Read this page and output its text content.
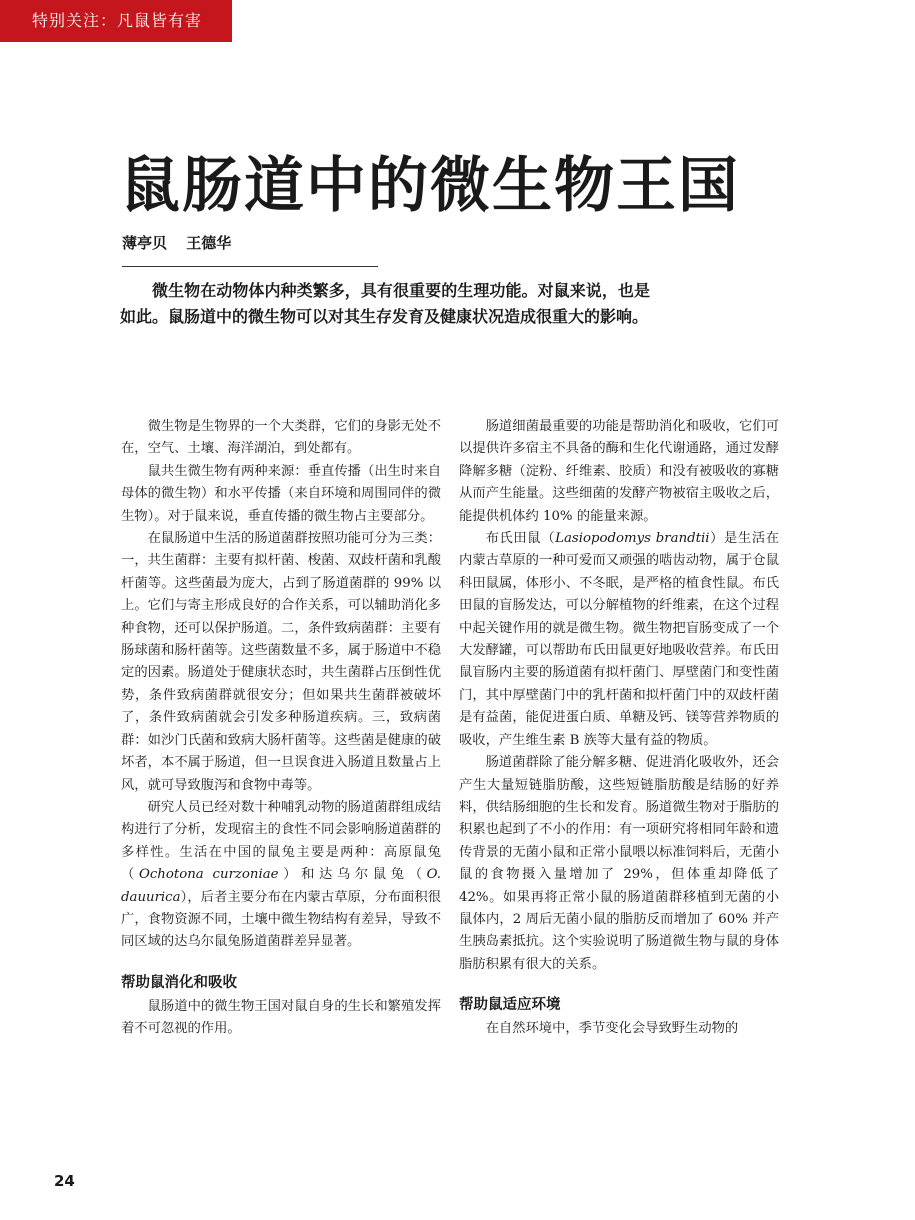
特别关注：凡鼠皆有害吗？
鼠肠道中的微生物王国
薄亭贝 王德华

微生物在动物体内种类繁多，具有很重要的生理功能。对鼠来说，也是如此。鼠肠道中的微生物可以对其生存发育及健康状况造成很重大的影响。

微生物是生物界的一个大类群，它们的身影无处不在，空气、土壤、海洋湖泊，到处都有。

鼠共生微生物有两种来源：垂直传播（出生时来自母体的微生物）和水平传播（来自环境和周围同伴的微生物）。对于鼠来说，垂直传播的微生物占主要部分。

在鼠肠道中生活的肠道菌群按照功能可分为三类：一，共生菌群：主要有拟杆菌、梭菌、双歧杆菌和乳酸杆菌等。这些菌最为庞大，占到了肠道菌群的 99% 以上。它们与寄主形成良好的合作关系，可以辅助消化多种食物，还可以保护肠道。二，条件致病菌群：主要有肠球菌和肠杆菌等。这些菌数量不多，属于肠道中不稳定的因素。肠道处于健康状态时，共生菌群占压倒性优势，条件致病菌群就很安分；但如果共生菌群被破坏了，条件致病菌就会引发多种肠道疾病。三，致病菌群：如沙门氏菌和致病大肠杆菌等。这些菌是健康的破坏者，本不属于肠道，但一旦误食进入肠道且数量占上风，就可导致腹泻和食物中毒等。

研究人员已经对数十种哺乳动物的肠道菌群组成结构进行了分析，发现宿主的食性不同会影响肠道菌群的多样性。生活在中国的鼠兔主要是两种：高原鼠兔（Ochotona curzoniae）和达乌尔鼠兔（O. dauurica），后者主要分布在内蒙古草原，分布面积很广，食物资源不同，土壤中微生物结构有差异，导致不同区域的达乌尔鼠兔肠道菌群差异显著。

帮助鼠消化和吸收

鼠肠道中的微生物王国对鼠自身的生长和繁殖发挥着不可忽视的作用。

肠道细菌最重要的功能是帮助消化和吸收，它们可以提供许多宿主不具备的酶和生化代谢通路，通过发酵降解多糖（淀粉、纤维素、胶质）和没有被吸收的寡糖从而产生能量。这些细菌的发酵产物被宿主吸收之后，能提供机体约 10% 的能量来源。

布氏田鼠（Lasiopodomys brandtii）是生活在内蒙古草原的一种可爱而又顽强的啮齿动物，属于仓鼠科田鼠属，体形小、不冬眠，是严格的植食性鼠。布氏田鼠的盲肠发达，可以分解植物的纤维素，在这个过程中起关键作用的就是微生物。微生物把盲肠变成了一个大发酵罐，可以帮助布氏田鼠更好地吸收营养。布氏田鼠盲肠内主要的肠道菌有拟杆菌门、厚壁菌门和变性菌门，其中厚壁菌门中的乳杆菌和拟杆菌门中的双歧杆菌是有益菌，能促进蛋白质、单糖及钙、镁等营养物质的吸收，产生维生素 B 族等大量有益的物质。

肠道菌群除了能分解多糖、促进消化吸收外，还会产生大量短链脂肪酸，这些短链脂肪酸是结肠的好养料，供结肠细胞的生长和发育。肠道微生物对于脂肪的积累也起到了不小的作用：有一项研究将相同年龄和遗传背景的无菌小鼠和正常小鼠喂以标准饲料后，无菌小鼠的食物摄入量增加了 29%，但体重却降低了 42%。如果再将正常小鼠的肠道菌群移植到无菌的小鼠体内，2 周后无菌小鼠的脂肪反而增加了 60% 并产生胰岛素抵抗。这个实验说明了肠道微生物与鼠的身体脂肪积累有很大的关系。

帮助鼠适应环境

在自然环境中，季节变化会导致野生动物的

24
